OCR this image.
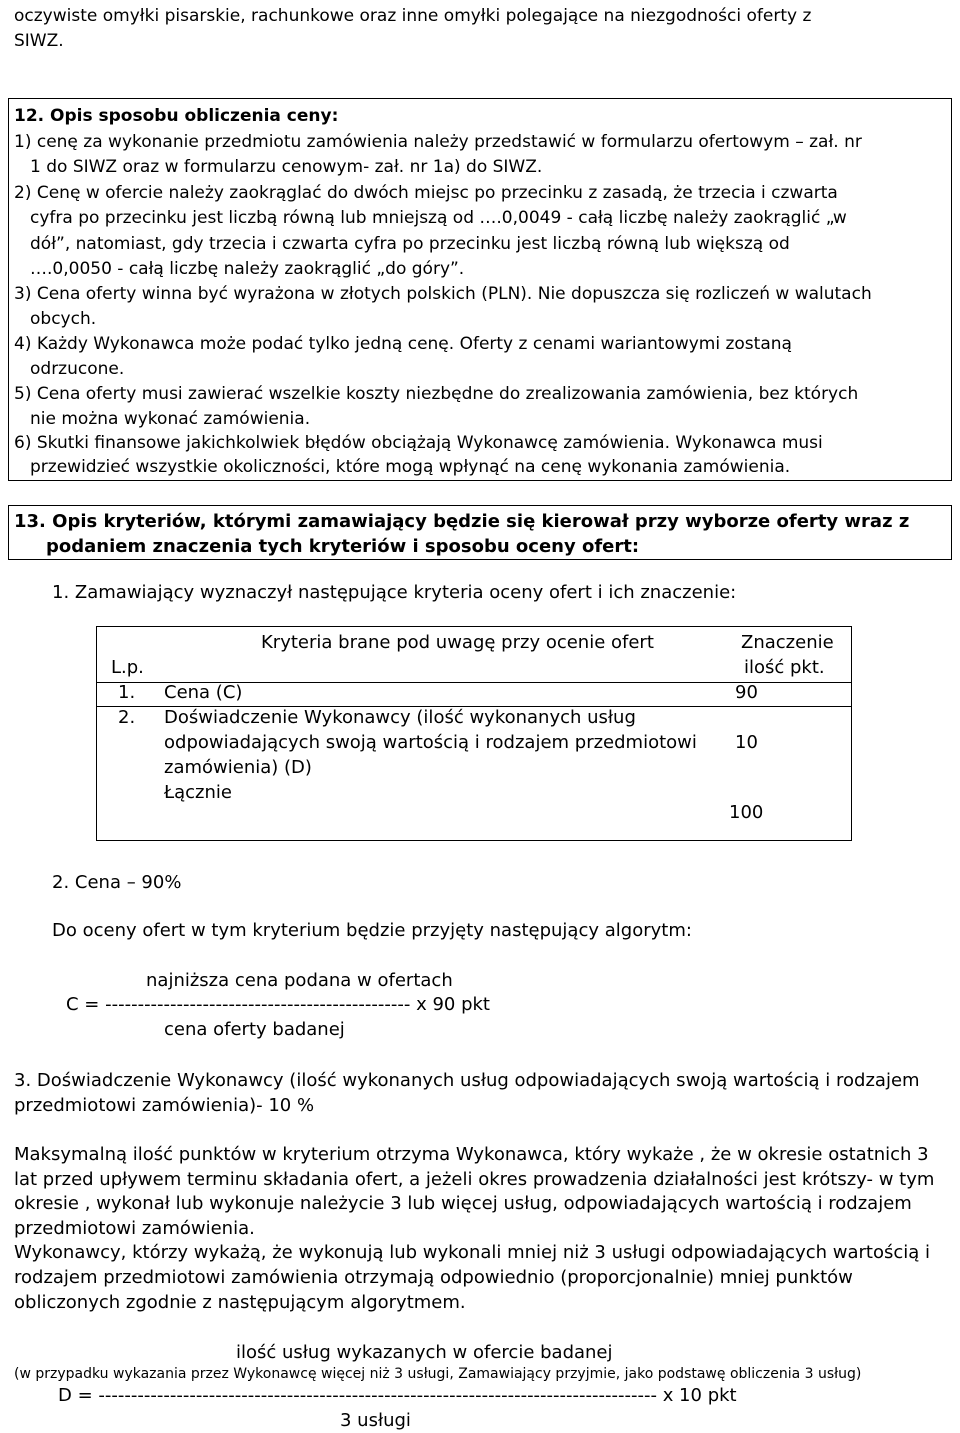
oczywiste omyłki pisarskie, rachunkowe oraz inne omyłki polegające na niezgodności oferty z
SIWZ.
12. Opis sposobu obliczenia ceny:
1) cenę za wykonanie przedmiotu zamówienia należy przedstawić w formularzu ofertowym – zał. nr
1 do SIWZ oraz w formularzu cenowym- zał. nr 1a) do SIWZ.
2) Cenę w ofercie należy zaokrąglać do dwóch miejsc po przecinku z zasadą, że trzecia i czwarta
cyfra po przecinku jest liczbą równą lub mniejszą od ….0,0049 - całą liczbę należy zaokrąglić „w
dół”, natomiast, gdy trzecia i czwarta cyfra po przecinku jest liczbą równą lub większą od
….0,0050 - całą liczbę należy zaokrąglić „do góry”.
3) Cena oferty winna być wyrażona w złotych polskich (PLN). Nie dopuszcza się rozliczeń w walutach
obcych.
4) Każdy Wykonawca może podać tylko jedną cenę. Oferty z cenami wariantowymi zostaną
odrzucone.
5) Cena oferty musi zawierać wszelkie koszty niezbędne do zrealizowania zamówienia, bez których
nie można wykonać zamówienia.
6) Skutki finansowe jakichkolwiek błędów obciążają Wykonawcę zamówienia. Wykonawca musi
przewidzieć wszystkie okoliczności, które mogą wpłynąć na cenę wykonania zamówienia.
13. Opis kryteriów, którymi zamawiający będzie się kierował przy wyborze oferty wraz z
podaniem znaczenia tych kryteriów i sposobu oceny ofert:
1. Zamawiający wyznaczył następujące kryteria oceny ofert i ich znaczenie:
L.p.
Kryteria brane pod uwagę przy ocenie ofert	Znaczenie
ilość pkt.
1. Cena (C)	90
2. Doświadczenie Wykonawcy (ilość wykonanych usług
odpowiadających swoją wartością i rodzajem przedmiotowi
zamówienia) (D)
10
Łącznie
100
2. Cena – 90%
Do oceny ofert w tym kryterium będzie przyjęty następujący algorytm:
najniższa cena podana w ofertach
C = ----------------------------------------------- x 90 pkt
cena oferty badanej
3. Doświadczenie Wykonawcy (ilość wykonanych usług odpowiadających swoją wartością i rodzajem
przedmiotowi zamówienia)- 10 %
Maksymalną ilość punktów w kryterium otrzyma Wykonawca, który wykaże , że w okresie ostatnich 3
lat przed upływem terminu składania ofert, a jeżeli okres prowadzenia działalności jest krótszy- w tym
okresie , wykonał lub wykonuje należycie 3 lub więcej usług, odpowiadających wartością i rodzajem
przedmiotowi zamówienia.
Wykonawcy, którzy wykażą, że wykonują lub wykonali mniej niż 3 usługi odpowiadających wartością i
rodzajem przedmiotowi zamówienia otrzymają odpowiednio (proporcjonalnie) mniej punktów
obliczonych zgodnie z następującym algorytmem.
ilość usług wykazanych w ofercie badanej
(w przypadku wykazania przez Wykonawcę więcej niż 3 usługi, Zamawiający przyjmie, jako podstawę obliczenia 3 usług)
D = -------------------------------------------------------------------------------------- x 10 pkt
3 usługi
